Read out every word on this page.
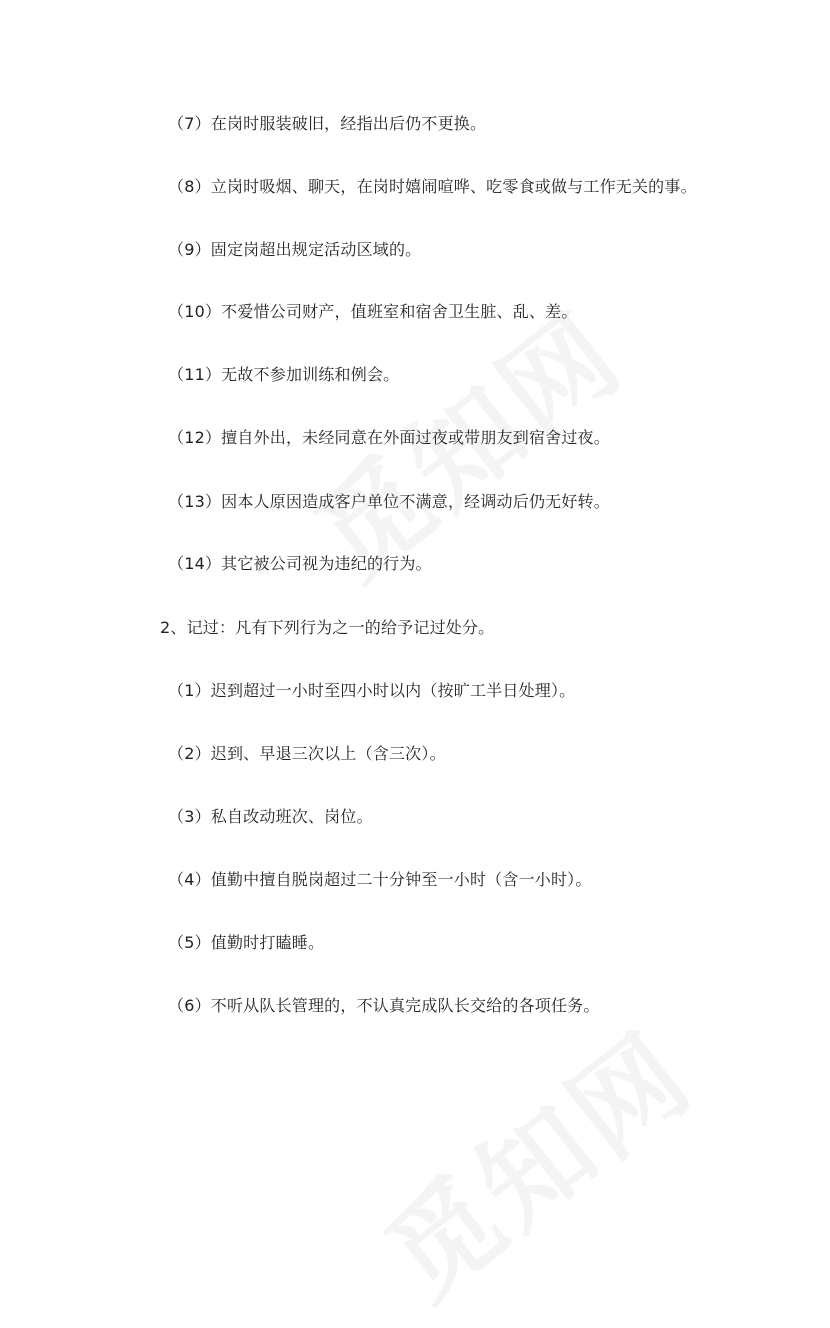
（7）在岗时服装破旧，经指出后仍不更换。
（8）立岗时吸烟、聊天，在岗时嬉闹喧哗、吃零食或做与工作无关的事。
（9）固定岗超出规定活动区域的。
（10）不爱惜公司财产，值班室和宿舍卫生脏、乱、差。
（11）无故不参加训练和例会。
（12）擅自外出，未经同意在外面过夜或带朋友到宿舍过夜。
（13）因本人原因造成客户单位不满意，经调动后仍无好转。
（14）其它被公司视为违纪的行为。
2、记过：凡有下列行为之一的给予记过处分。
（1）迟到超过一小时至四小时以内（按旷工半日处理）。
（2）迟到、早退三次以上（含三次）。
（3）私自改动班次、岗位。
（4）值勤中擅自脱岗超过二十分钟至一小时（含一小时）。
（5）值勤时打瞌睡。
（6）不听从队长管理的，不认真完成队长交给的各项任务。
